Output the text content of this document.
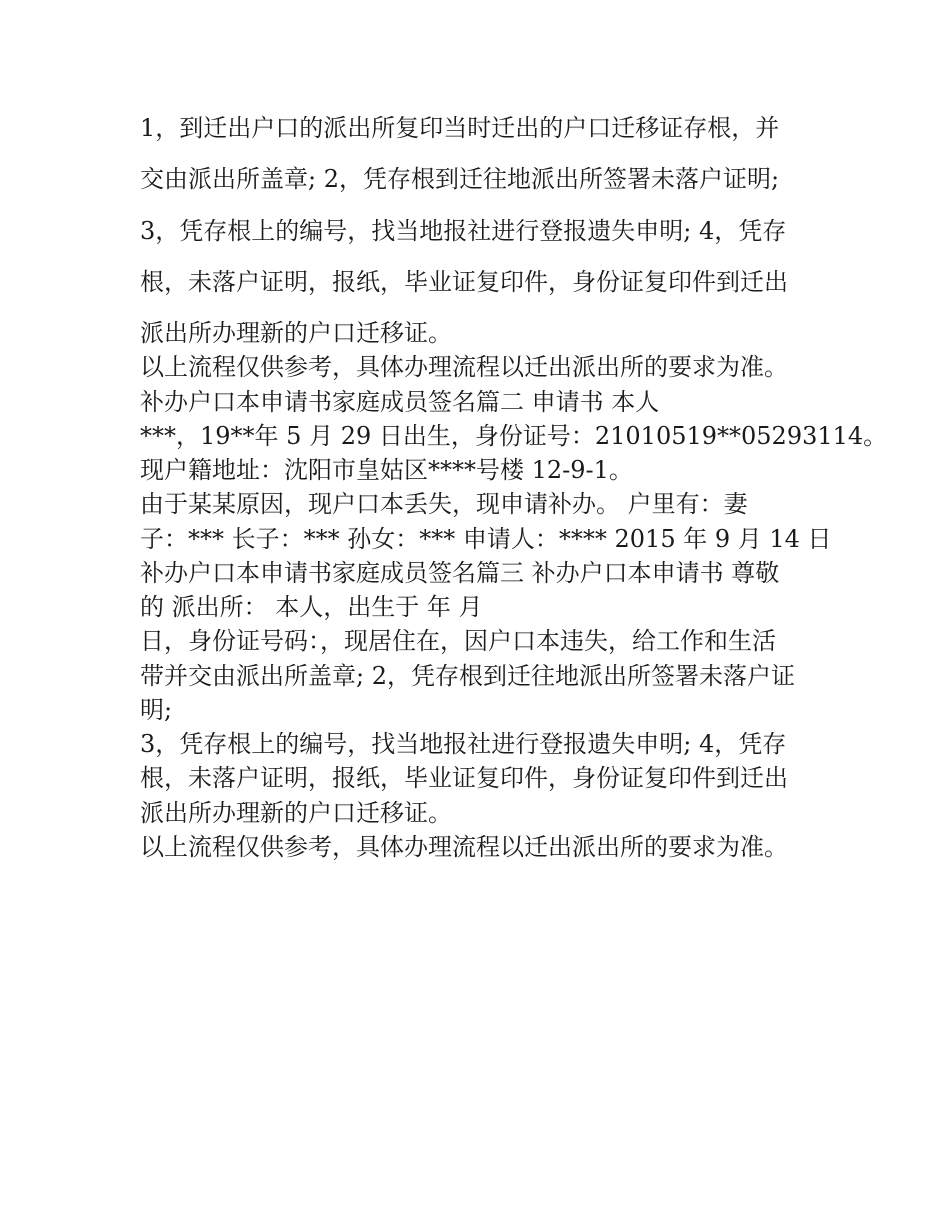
1，到迁出户口的派出所复印当时迁出的户口迁移证存根，并

交由派出所盖章; 2，凭存根到迁往地派出所签署未落户证明;

3，凭存根上的编号，找当地报社进行登报遗失申明; 4，凭存

根，未落户证明，报纸，毕业证复印件，身份证复印件到迁出

派出所办理新的户口迁移证。

以上流程仅供参考，具体办理流程以迁出派出所的要求为准。

补办户口本申请书家庭成员签名篇二 申请书 本人

***，19**年 5 月 29 日出生，身份证号：21010519**05293114。

现户籍地址：沈阳市皇姑区****号楼 12-9-1。

由于某某原因，现户口本丢失，现申请补办。 户里有：妻

子：*** 长子：*** 孙女：*** 申请人：**** 2015 年 9 月 14 日

补办户口本申请书家庭成员签名篇三 补办户口本申请书 尊敬

的 派出所： 本人，出生于 年 月

日，身份证号码：，现居住在，因户口本违失，给工作和生活

带并交由派出所盖章; 2，凭存根到迁往地派出所签署未落户证

明;

3，凭存根上的编号，找当地报社进行登报遗失申明; 4，凭存

根，未落户证明，报纸，毕业证复印件，身份证复印件到迁出

派出所办理新的户口迁移证。

以上流程仅供参考，具体办理流程以迁出派出所的要求为准。
